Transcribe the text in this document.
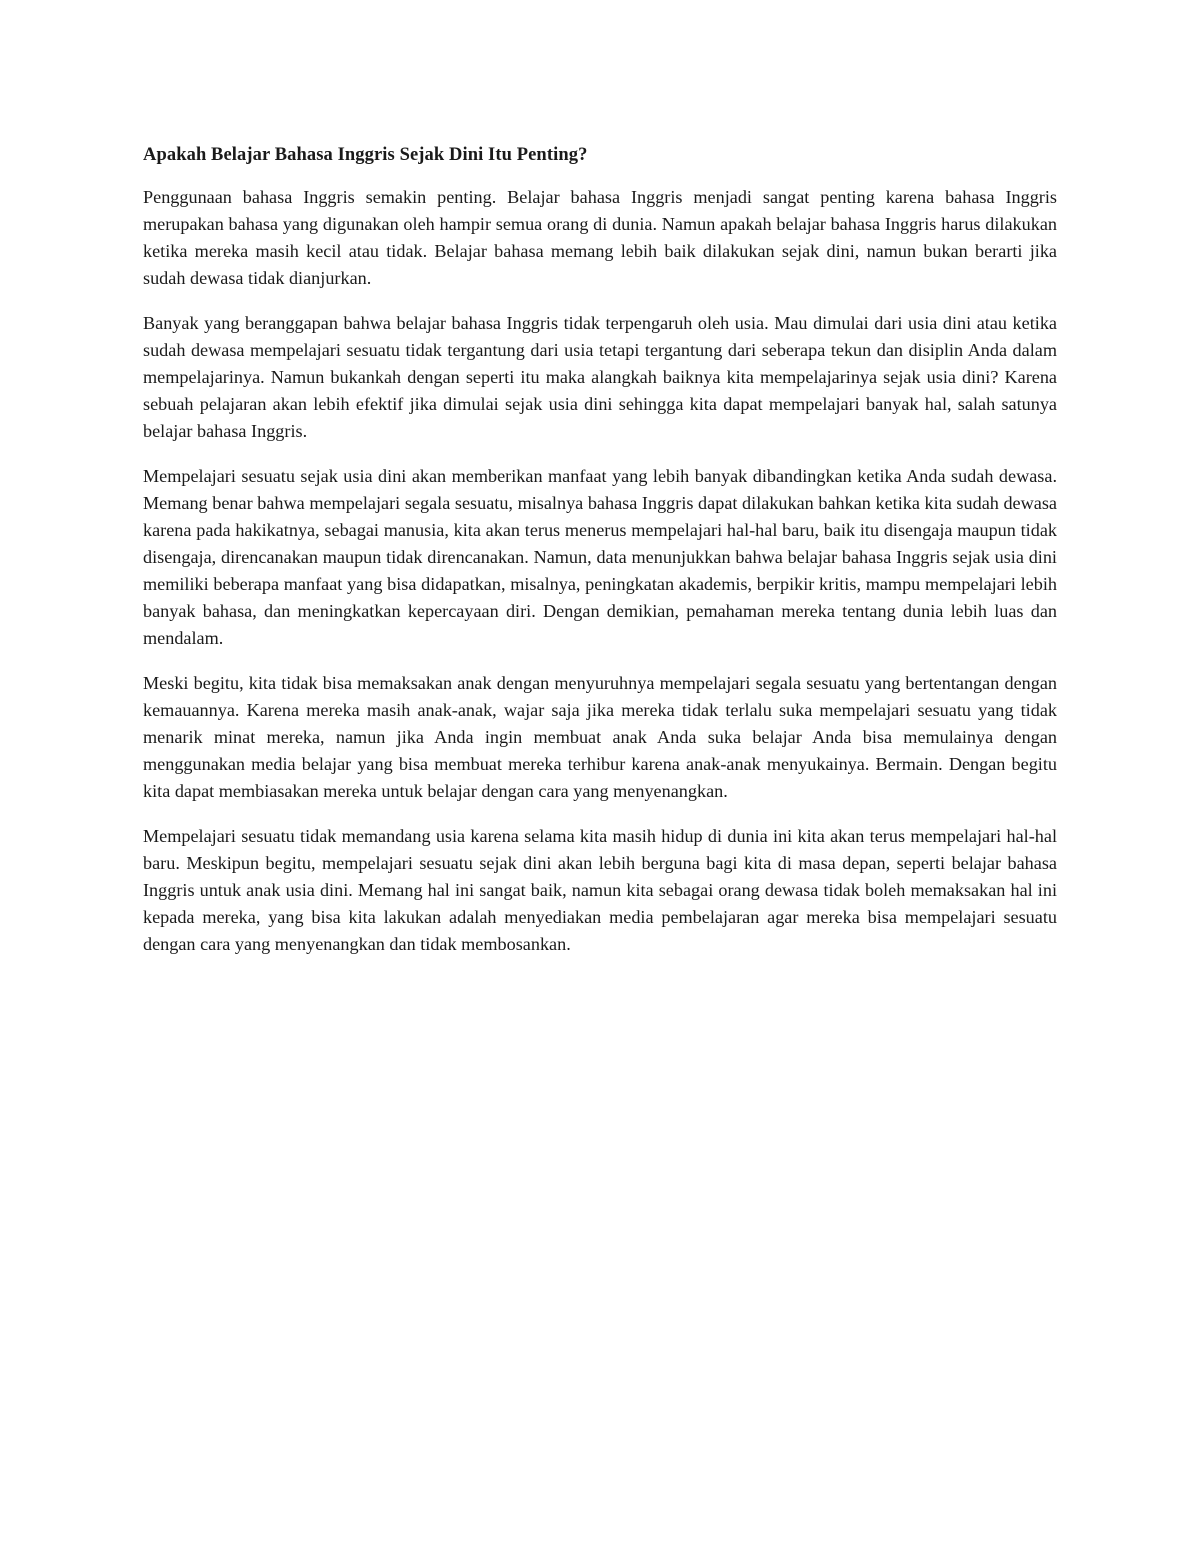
Apakah Belajar Bahasa Inggris Sejak Dini Itu Penting?

Penggunaan bahasa Inggris semakin penting. Belajar bahasa Inggris menjadi sangat penting karena bahasa Inggris merupakan bahasa yang digunakan oleh hampir semua orang di dunia. Namun apakah belajar bahasa Inggris harus dilakukan ketika mereka masih kecil atau tidak. Belajar bahasa memang lebih baik dilakukan sejak dini, namun bukan berarti jika sudah dewasa tidak dianjurkan.

Banyak yang beranggapan bahwa belajar bahasa Inggris tidak terpengaruh oleh usia. Mau dimulai dari usia dini atau ketika sudah dewasa mempelajari sesuatu tidak tergantung dari usia tetapi tergantung dari seberapa tekun dan disiplin Anda dalam mempelajarinya. Namun bukankah dengan seperti itu maka alangkah baiknya kita mempelajarinya sejak usia dini? Karena sebuah pelajaran akan lebih efektif jika dimulai sejak usia dini sehingga kita dapat mempelajari banyak hal, salah satunya belajar bahasa Inggris.

Mempelajari sesuatu sejak usia dini akan memberikan manfaat yang lebih banyak dibandingkan ketika Anda sudah dewasa. Memang benar bahwa mempelajari segala sesuatu, misalnya bahasa Inggris dapat dilakukan bahkan ketika kita sudah dewasa karena pada hakikatnya, sebagai manusia, kita akan terus menerus mempelajari hal-hal baru, baik itu disengaja maupun tidak disengaja, direncanakan maupun tidak direncanakan. Namun, data menunjukkan bahwa belajar bahasa Inggris sejak usia dini memiliki beberapa manfaat yang bisa didapatkan, misalnya, peningkatan akademis, berpikir kritis, mampu mempelajari lebih banyak bahasa, dan meningkatkan kepercayaan diri. Dengan demikian, pemahaman mereka tentang dunia lebih luas dan mendalam.

Meski begitu, kita tidak bisa memaksakan anak dengan menyuruhnya mempelajari segala sesuatu yang bertentangan dengan kemauannya. Karena mereka masih anak-anak, wajar saja jika mereka tidak terlalu suka mempelajari sesuatu yang tidak menarik minat mereka, namun jika Anda ingin membuat anak Anda suka belajar Anda bisa memulainya dengan menggunakan media belajar yang bisa membuat mereka terhibur karena anak-anak menyukainya. Bermain. Dengan begitu kita dapat membiasakan mereka untuk belajar dengan cara yang menyenangkan.

Mempelajari sesuatu tidak memandang usia karena selama kita masih hidup di dunia ini kita akan terus mempelajari hal-hal baru. Meskipun begitu, mempelajari sesuatu sejak dini akan lebih berguna bagi kita di masa depan, seperti belajar bahasa Inggris untuk anak usia dini. Memang hal ini sangat baik, namun kita sebagai orang dewasa tidak boleh memaksakan hal ini kepada mereka, yang bisa kita lakukan adalah menyediakan media pembelajaran agar mereka bisa mempelajari sesuatu dengan cara yang menyenangkan dan tidak membosankan.
